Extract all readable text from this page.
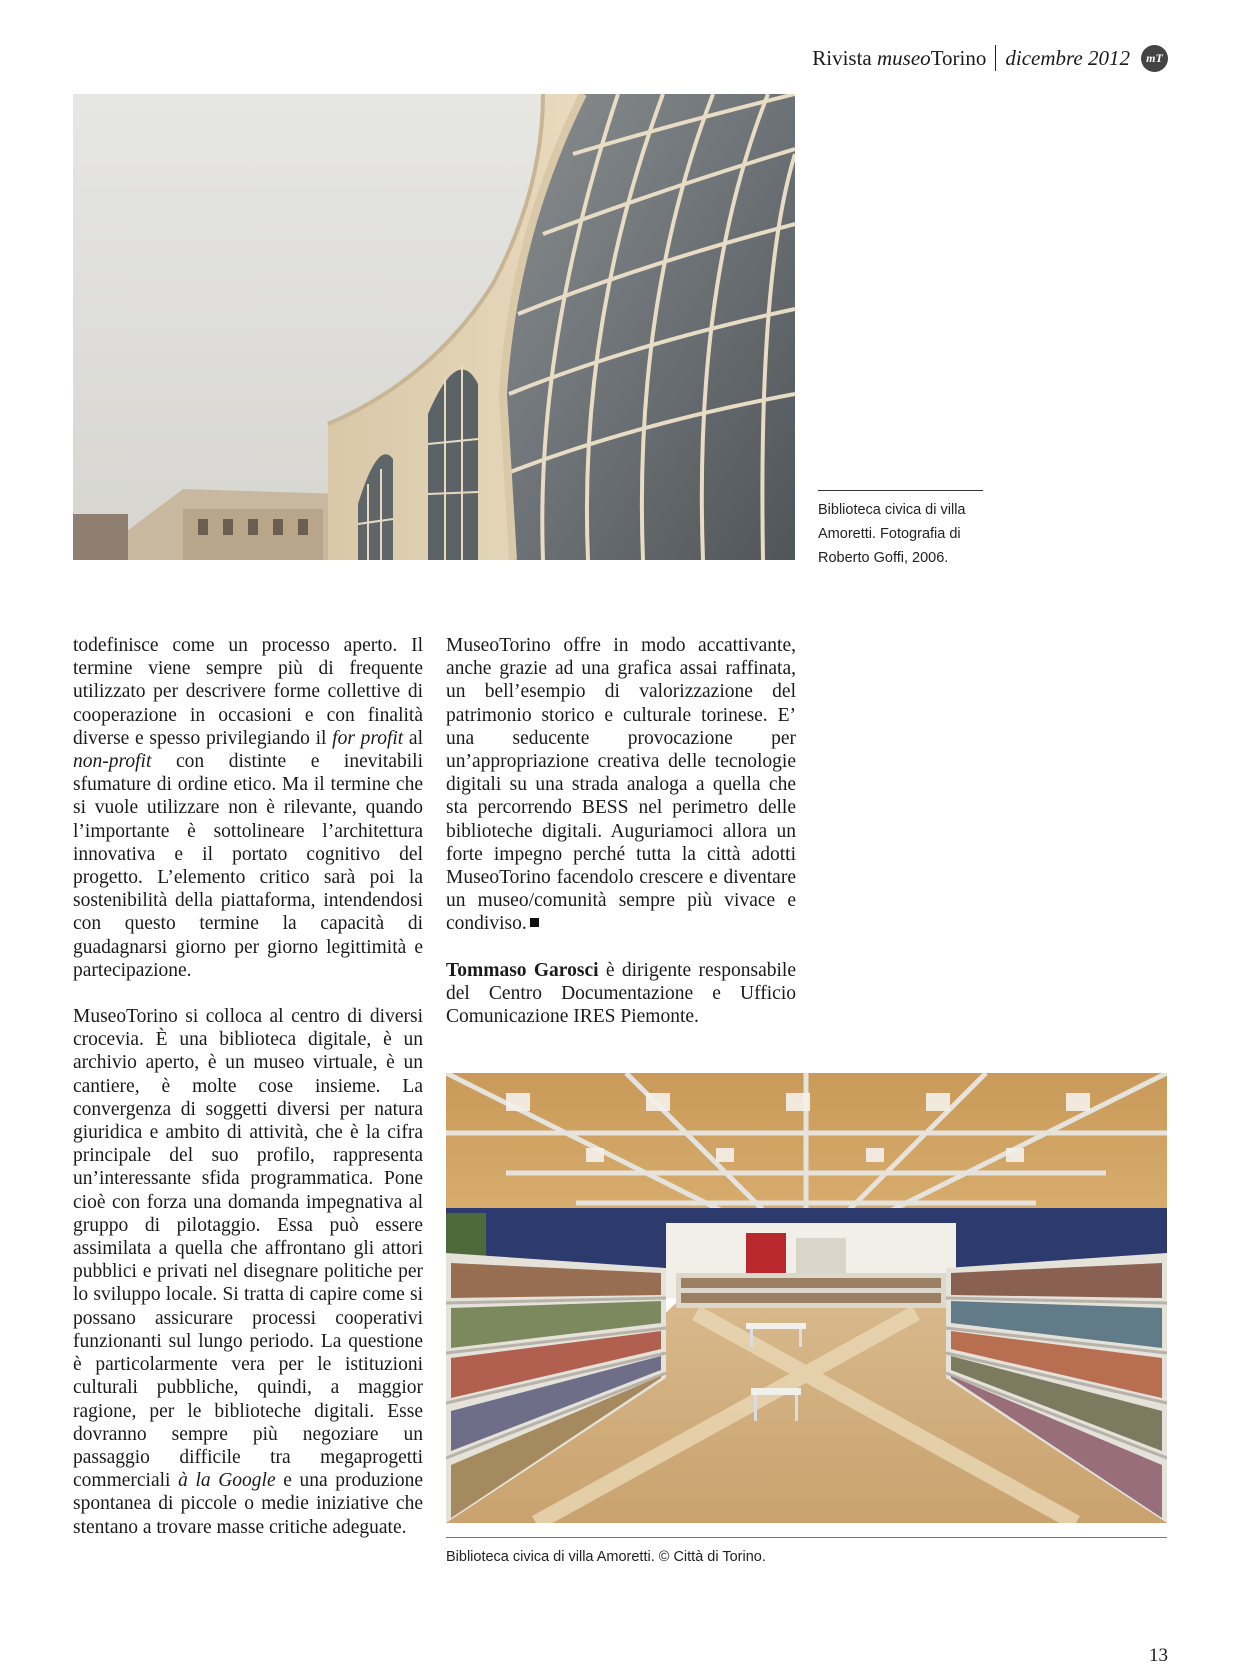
Rivista museoTorino dicembre 2012	mT
Biblioteca civica di villa
Amoretti. Fotografia di
Roberto Goffi, 2006.

todefinisce come un processo aperto. Il termine viene sempre più di frequente utilizzato per descrivere forme collettive di cooperazione in occasioni e con finalità diverse e spesso privilegiando il for profit al non-profit con distinte e inevitabili sfumature di ordine etico. Ma il termine che si vuole utilizzare non è rilevante, quando l’importante è sottolineare l’architettura innovativa e il portato cognitivo del progetto. L’elemento critico sarà poi la sostenibilità della piattaforma, intendendosi con questo termine la capacità di guadagnarsi giorno per giorno legittimità e partecipazione.

MuseoTorino si colloca al centro di diversi crocevia. È una biblioteca digitale, è un archivio aperto, è un museo virtuale, è un cantiere, è molte cose insieme. La convergenza di soggetti diversi per natura giuridica e ambito di attività, che è la cifra principale del suo profilo, rappresenta un’interessante sfida programmatica. Pone cioè con forza una domanda impegnativa al gruppo di pilotaggio. Essa può essere assimilata a quella che affrontano gli attori pubblici e privati nel disegnare politiche per lo sviluppo locale. Si tratta di capire come si possano assicurare processi cooperativi funzionanti sul lungo periodo. La questione è particolarmente vera per le istituzioni culturali pubbliche, quindi, a maggior ragione, per le biblioteche digitali. Esse dovranno sempre più negoziare un passaggio difficile tra megaprogetti commerciali à la Google e una produzione spontanea di piccole o medie iniziative che stentano a trovare masse critiche adeguate.

MuseoTorino offre in modo accattivante, anche grazie ad una grafica assai raffinata, un bell’esempio di valorizzazione del patrimonio storico e culturale torinese. E’ una seducente provocazione per un’appropriazione creativa delle tecnologie digitali su una strada analoga a quella che sta percorrendo BESS nel perimetro delle biblioteche digitali. Auguriamoci allora un forte impegno perché tutta la città adotti MuseoTorino facendolo crescere e diventare un museo/comunità sempre più vivace e condiviso.

Tommaso Garosci è dirigente responsabile del Centro Documentazione e Ufficio Comunicazione IRES Piemonte.

Biblioteca civica di villa Amoretti. © Città di Torino.
13
